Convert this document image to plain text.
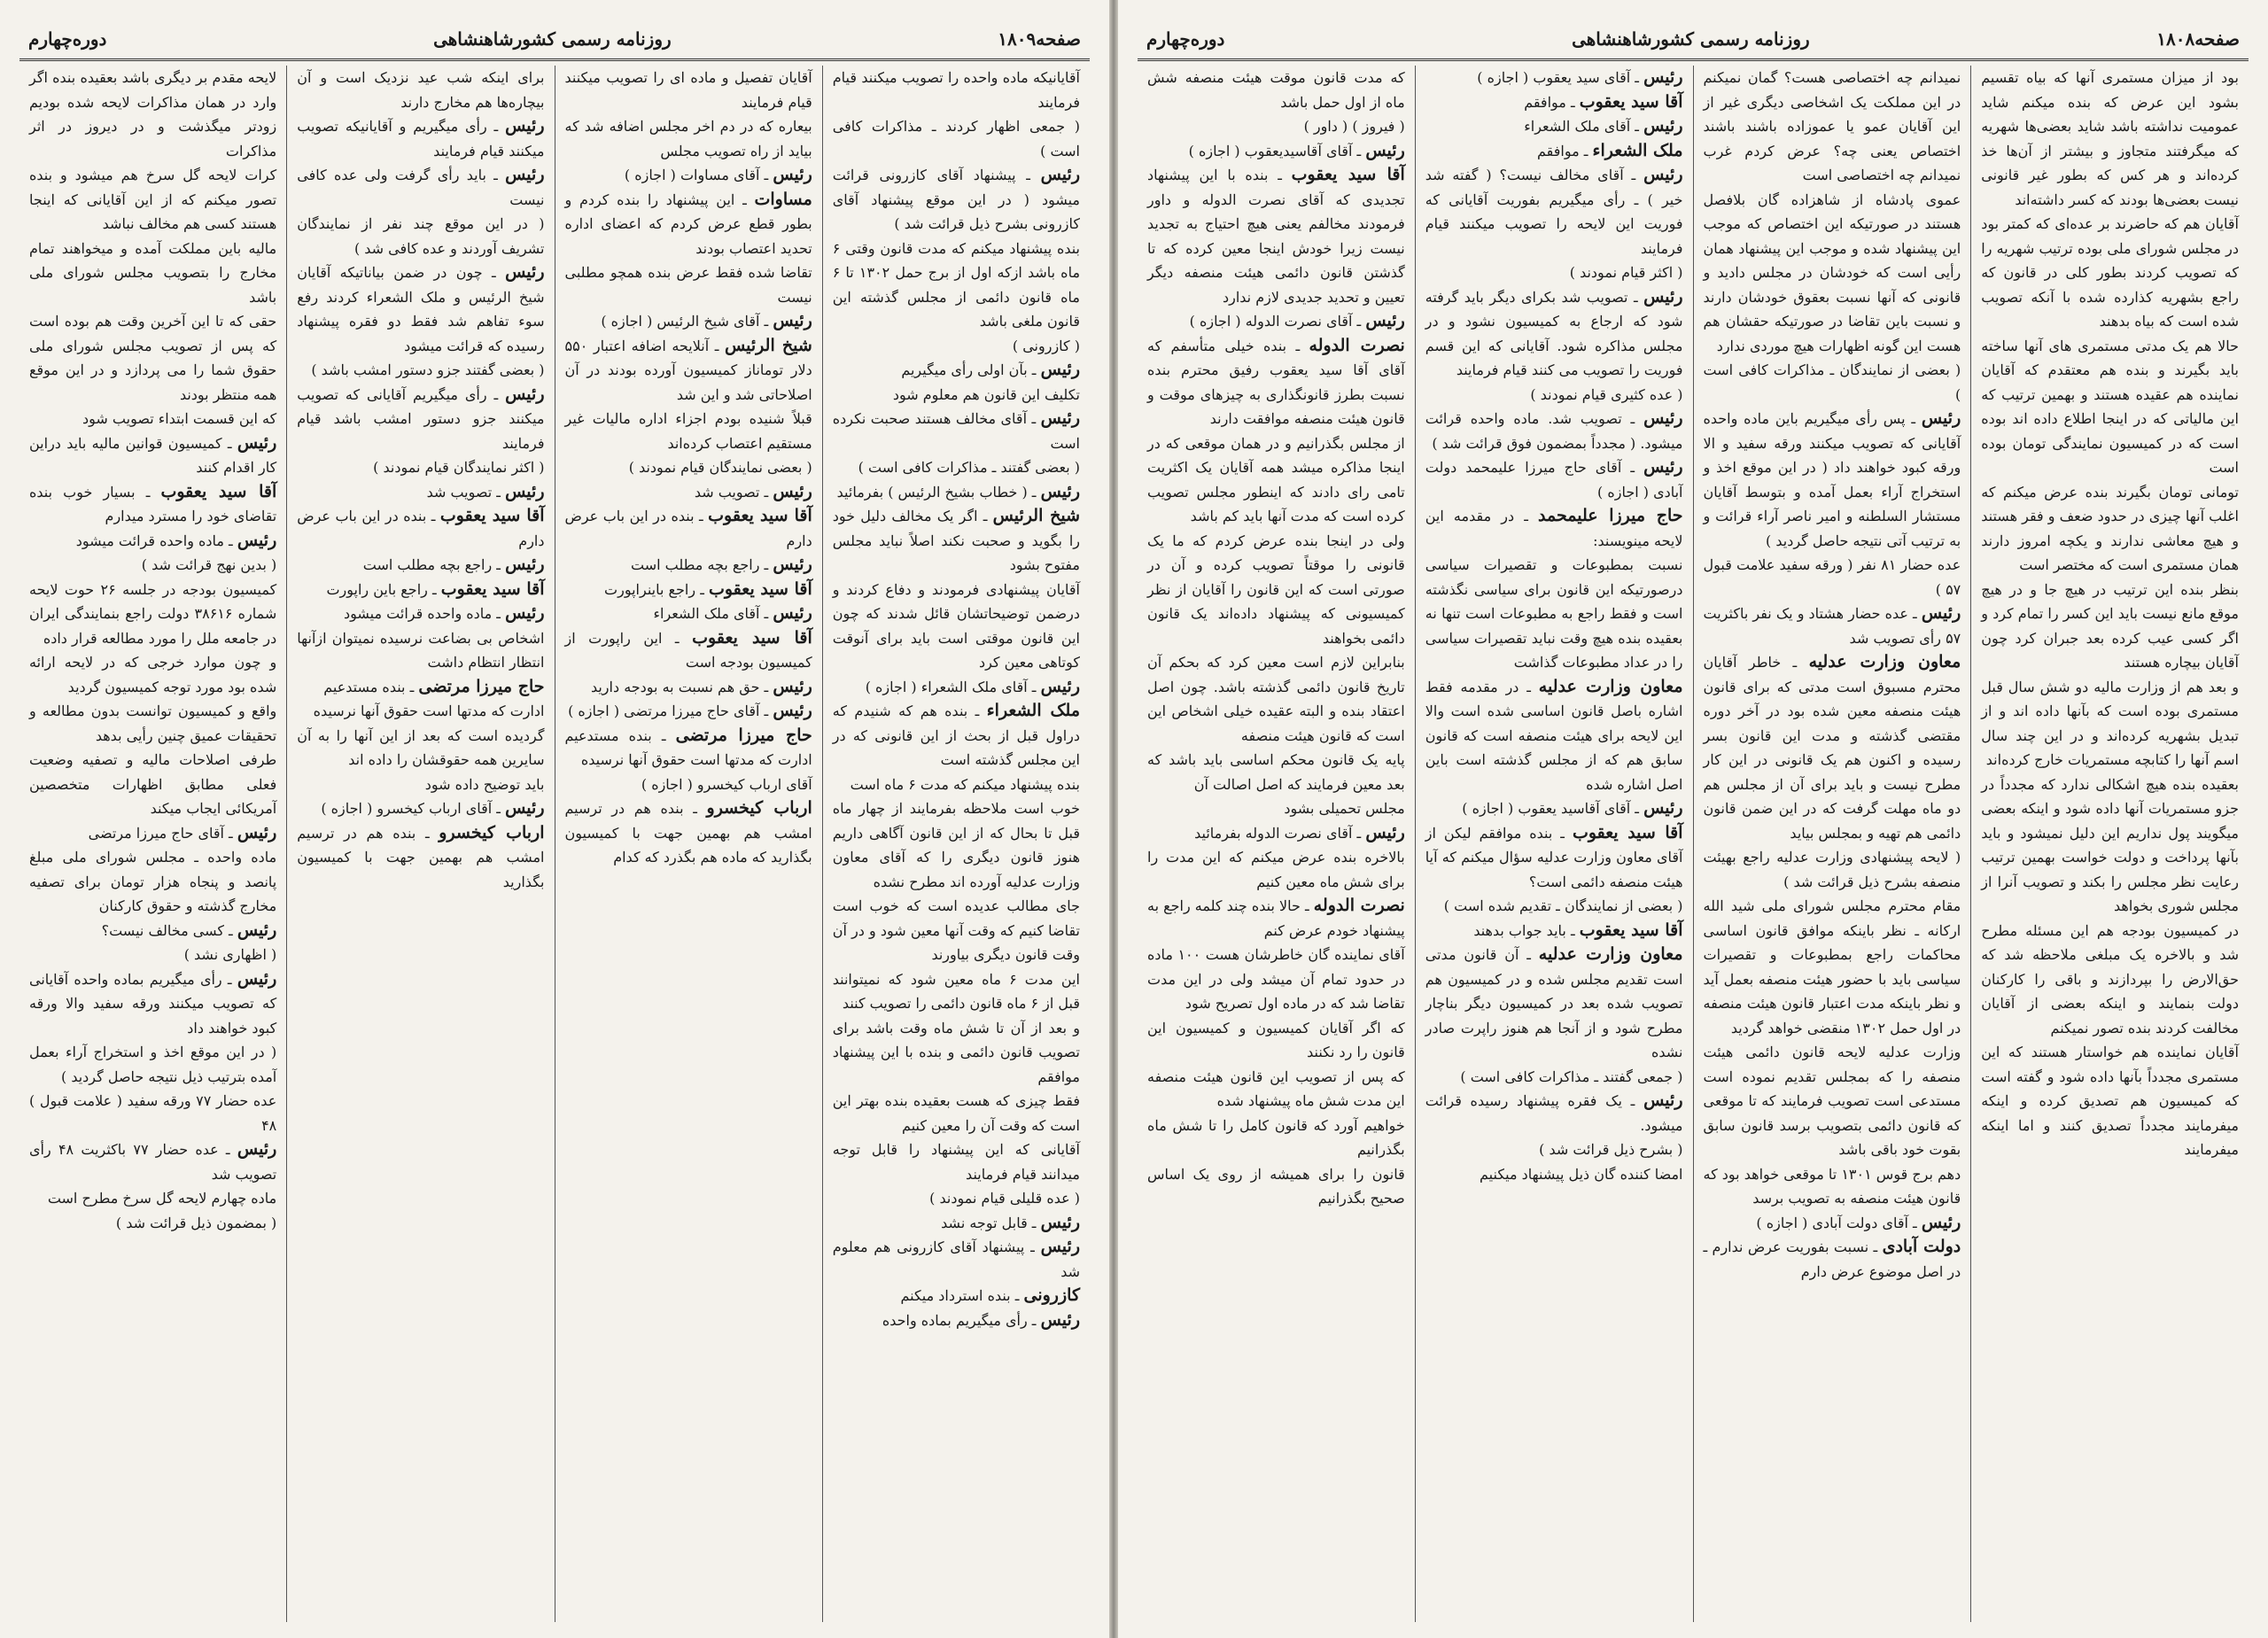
صفحه۱۸۰۹
روزنامه رسمی کشورشاهنشاهی
دوره‌چهارم

آقایانیکه ماده واحده را تصویب میکنند قیام فرمایند

( جمعی اظهار کردند ـ مذاکرات کافی است )

رئیس ـ پیشنهاد آقای کازرونی قرائت میشود ( در این موقع پیشنهاد آقای کازرونی بشرح ذیل قرائت شد )

بنده پیشنهاد میکنم که مدت قانون وقتی ۶ ماه باشد ازکه اول از برج حمل ۱۳۰۲ تا ۶ ماه قانون دائمی از مجلس گذشته این قانون ملغی باشد

( کازرونی )

رئیس ـ بآن اولی رأی میگیریم

تکلیف این قانون هم معلوم شود

رئیس ـ آقای مخالف هستند صحبت نکرده است

( بعضی گفتند ـ مذاکرات کافی است )

رئیس ـ ( خطاب بشیخ الرئیس ) بفرمائید

شیخ الرئیس ـ اگر یک مخالف دلیل خود را بگوید و صحبت نکند اصلاً نباید مجلس مفتوح بشود

آقایان پیشنهادی فرمودند و دفاع کردند و درضمن توضیحاتشان قائل شدند که چون این قانون موقتی است باید برای آنوقت کوتاهی معین کرد

رئیس ـ آقای ملک الشعراء ( اجازه )

ملک الشعراء ـ بنده هم که شنیدم که دراول قبل از بحث از این قانونی که در این مجلس گذشته است

بنده پیشنهاد میکنم که مدت ۶ ماه است

خوب است ملاحظه بفرمایند از چهار ماه قبل تا بحال که از این قانون آگاهی داریم هنوز قانون دیگری را که آقای معاون وزارت عدلیه آورده اند مطرح نشده

جای مطالب عدیده است که خوب است تقاضا کنیم که وقت آنها معین شود و در آن وقت قانون دیگری بیاورند

این مدت ۶ ماه معین شود که نمیتوانند قبل از ۶ ماه قانون دائمی را تصویب کنند

و بعد از آن تا شش ماه وقت باشد برای تصویب قانون دائمی و بنده با این پیشنهاد موافقم

فقط چیزی که هست بعقیده بنده بهتر این است که وقت آن را معین کنیم

آقایانی که این پیشنهاد را قابل توجه میدانند قیام فرمایند

( عده قلیلی قیام نمودند )

رئیس ـ قابل توجه نشد

رئیس ـ پیشنهاد آقای کازرونی هم معلوم شد

کازرونی ـ بنده استرداد میکنم

رئیس ـ رأی میگیریم بماده واحده

آقایان تفصیل و ماده ای را تصویب میکنند قیام فرمایند

بیعاره که در دم اخر مجلس اضافه شد که بیاید از راه تصویب مجلس

رئیس ـ آقای مساوات ( اجازه )

مساوات ـ این پیشنهاد را بنده کردم و بطور قطع عرض کردم که اعضای اداره تحدید اعتصاب بودند

تقاضا شده فقط عرض بنده همچو مطلبی نیست

رئیس ـ آقای شیخ الرئیس ( اجازه )

شیخ الرئیس ـ آنلایحه اضافه اعتبار ۵۵۰ دلار توماناز کمیسیون آورده بودند در آن اصلاحاتی شد و این شد

قبلاً شنیده بودم اجزاء اداره مالیات غیر مستقیم اعتصاب کرده‌اند

( بعضی نمایندگان قیام نمودند )

رئیس ـ تصویب شد

آقا سید یعقوب ـ بنده در این باب عرض دارم

رئیس ـ راجع بچه مطلب است

آقا سید یعقوب ـ راجع باینراپورت

رئیس ـ آقای ملک الشعراء

آقا سید یعقوب ـ این راپورت از کمیسیون بودجه است

رئیس ـ حق هم نسبت به بودجه دارید

رئیس ـ آقای حاج میرزا مرتضی ( اجازه )

حاج میرزا مرتضی ـ بنده مستدعیم ادارت که مدتها است حقوق آنها نرسیده

آقای ارباب کیخسرو ( اجازه )

ارباب کیخسرو ـ بنده هم در ترسیم امشب هم بهمین جهت با کمیسیون بگذارید که ماده هم بگذرد که کدام

برای اینکه شب عید نزدیک است و آن بیچاره‌ها هم مخارج دارند

رئیس ـ رأی میگیریم و آقایانیکه تصویب میکنند قیام فرمایند

رئیس ـ باید رأی گرفت ولی عده کافی نیست

( در این موقع چند نفر از نمایندگان تشریف آوردند و عده کافی شد )

رئیس ـ چون در ضمن بیاناتیکه آقایان شیخ الرئیس و ملک الشعراء کردند رفع سوء تفاهم شد فقط دو فقره پیشنهاد رسیده که قرائت میشود

( بعضی گفتند جزو دستور امشب باشد )

رئیس ـ رأی میگیریم آقایانی که تصویب میکنند جزو دستور امشب باشد قیام فرمایند

( اکثر نمایندگان قیام نمودند )

رئیس ـ تصویب شد

آقا سید یعقوب ـ بنده در این باب عرض دارم

رئیس ـ راجع بچه مطلب است

آقا سید یعقوب ـ راجع باین راپورت

رئیس ـ ماده واحده قرائت میشود

اشخاص بی بضاعت نرسیده نمیتوان ازآنها انتظار انتظام داشت

حاج میرزا مرتضی ـ بنده مستدعیم

ادارت که مدتها است حقوق آنها نرسیده

گردیده است که بعد از این آنها را به آن سایرین همه حقوقشان را داده اند

باید توضیح داده شود

رئیس ـ آقای ارباب کیخسرو ( اجازه )

ارباب کیخسرو ـ بنده هم در ترسیم امشب هم بهمین جهت با کمیسیون بگذارید

لایحه مقدم بر دیگری باشد بعقیده بنده اگر وارد در همان مذاکرات لایحه شده بودیم زودتر میگذشت و در دیروز در اثر مذاکرات

کرات لایحه گل سرخ هم میشود و بنده تصور میکنم که از این آقایانی که اینجا هستند کسی هم مخالف نباشد

مالیه باین مملکت آمده و میخواهند تمام مخارج را بتصویب مجلس شورای ملی باشد

حقی که تا این آخرین وقت هم بوده‌ است که پس از تصویب مجلس شورای ملی حقوق شما را می پردازد و در این موقع همه منتظر بودند

که این قسمت ابتداء تصویب شود

رئیس ـ کمیسیون قوانین مالیه باید دراین کار اقدام کنند

آقا سید یعقوب ـ بسیار خوب بنده تقاضای خود را مسترد میدارم

رئیس ـ ماده واحده قرائت میشود

( بدین نهج قرائت شد )

کمیسیون بودجه در جلسه ۲۶ حوت لایحه شماره ۳۸۶۱۶ دولت راجع بنمایندگی ایران در جامعه ملل را مورد مطالعه قرار داده

و چون موارد خرجی که در لایحه ارائه شده بود مورد توجه کمیسیون گردید

واقع و کمیسیون توانست بدون مطالعه و تحقیقات عمیق چنین رأیی بدهد

طرفی اصلاحات مالیه و تصفیه وضعیت فعلی مطابق اظهارات متخصصین آمریکائی ایجاب میکند

رئیس ـ آقای حاج میرزا مرتضی

ماده واحده ـ مجلس شورای ملی مبلغ پانصد و پنجاه هزار تومان برای تصفیه مخارج گذشته و حقوق کارکنان

رئیس ـ کسی مخالف نیست؟

( اظهاری نشد )

رئیس ـ رأی میگیریم بماده واحده آقایانی که تصویب میکنند ورقه سفید والا ورقه کبود خواهند داد

( در این موقع اخذ و استخراج آراء بعمل آمده بترتیب ذیل نتیجه حاصل گردید )

عده حضار ۷۷ ورقه سفید ( علامت قبول ) ۴۸

رئیس ـ عده حضار ۷۷ باکثریت ۴۸ رأی تصویب شد

ماده چهارم لایحه گل سرخ مطرح است

( بمضمون ذیل قرائت شد )

صفحه۱۸۰۸
روزنامه رسمی کشورشاهنشاهی
دوره‌چهارم

بود از میزان مستمری آنها که بیاه تقسیم بشود این عرض که بنده میکنم شاید عمومیت نداشته باشد شاید بعضی‌ها شهریه که میگرفتند متجاوز و بیشتر از آن‌ها خذ کرده‌اند و هر کس که بطور غیر قانونی نیست بعضی‌ها بودند که کسر داشته‌اند

آقایان هم که حاضرند بر عده‌ای که کمتر بود در مجلس شورای ملی بوده ترتیب شهریه را که تصویب کردند بطور کلی در قانون که راجع بشهریه کذارده شده با آنکه تصویب شده است که بیاه بدهند

حالا هم یک مدتی مستمری های آنها ساخته باید بگیرند و بنده هم معتقدم که آقایان نماینده هم عقیده هستند و بهمین ترتیب که این مالیاتی که در اینجا اطلاع داده اند بوده است که در کمیسیون نمایندگی تومان بوده است

تومانی تومان بگیرند بنده عرض میکنم که اغلب آنها چیزی در حدود ضعف و فقر هستند و هیچ معاشی ندارند و یکچه امروز دارند همان مستمری است که مختصر است

بنظر بنده این ترتیب در هیچ جا و در هیچ موقع مانع نیست باید این کسر را تمام کرد و اگر کسی عیب کرده بعد جبران کرد چون آقایان بیچاره هستند

و بعد هم از وزارت مالیه دو شش سال قبل مستمری بوده است که بآنها داده اند و از تبدیل بشهریه کرده‌اند و در این چند سال اسم آنها را کتابچه مستمریات خارج کرده‌اند

بعقیده بنده هیچ اشکالی ندارد که مجدداً در جزو مستمریات آنها داده شود و اینکه بعضی میگویند پول نداریم این دلیل نمیشود و باید بآنها پرداخت و دولت خواست بهمین ترتیب رعایت نظر مجلس را بکند و تصویب آنرا از مجلس شوری بخواهد

در کمیسیون بودجه هم این مسئله مطرح شد و بالاخره یک مبلغی ملاحظه شد که حق‌الارض را بپردازند و باقی را کارکنان دولت بنمایند و اینکه بعضی از آقایان مخالفت کردند بنده تصور نمیکنم

آقایان نماینده هم خواستار هستند که این مستمری مجدداً بآنها داده شود و گفته است که کمیسیون هم تصدیق کرده و اینکه میفرمایند مجدداً تصدیق کنند و اما اینکه میفرمایند

نمیدانم چه اختصاصی هست؟ گمان نمیکنم در این مملکت یک اشخاصی دیگری غیر از این آقایان عمو یا عموزاده باشند باشند اختصاص یعنی چه؟ عرض کردم غرب نمیدانم چه اختصاصی است

عموی پادشاه از شاهزاده گان بلافصل هستند در صورتیکه این اختصاص که موجب این پیشنهاد شده و موجب این پیشنهاد همان رأیی است که خودشان در مجلس دادید و قانونی که آنها نسبت بعقوق خودشان دارند و نسبت باین تقاضا در صورتیکه حقشان هم هست این گونه اظهارات هیچ موردی ندارد

( بعضی از نمایندگان ـ مذاکرات کافی است )

رئیس ـ پس رأی میگیریم باین ماده واحده آقایانی که تصویب میکنند ورقه سفید و الا ورقه کبود خواهند داد ( در این موقع اخذ و استخراج آراء بعمل آمده و بتوسط آقایان مستشار السلطنه و امیر ناصر آراء قرائت و به ترتیب آتی نتیجه حاصل گردید )

عده حضار ۸۱ نفر ( ورقه سفید علامت قبول ۵۷ )

رئیس ـ عده حضار هشتاد و یک نفر باکثریت ۵۷ رأی تصویب شد

معاون وزارت عدلیه ـ خاطر آقایان محترم مسبوق است مدتی که برای قانون هیئت منصفه معین شده بود در آخر دوره مقتضی گذشته و مدت این قانون بسر رسیده و اکنون هم یک قانونی در این کار مطرح نیست و باید برای آن از مجلس هم دو ماه مهلت گرفت که در این ضمن قانون دائمی هم تهیه و بمجلس بیاید

( لایحه پیشنهادی وزارت عدلیه راجع بهیئت منصفه بشرح ذیل قرائت شد )

مقام محترم مجلس شورای ملی شید الله ارکانه ـ نظر باینکه موافق قانون اساسی محاکمات راجع بمطبوعات و تقصیرات سیاسی باید با حضور هیئت منصفه بعمل آید و نظر باینکه مدت اعتبار قانون هیئت منصفه در اول حمل ۱۳۰۲ منقضی خواهد گردید

وزارت عدلیه لایحه قانون دائمی هیئت منصفه را که بمجلس تقدیم نموده است مستدعی است تصویب فرمایند که تا موقعی که قانون دائمی بتصویب برسد قانون سابق بقوت خود باقی باشد

دهم برج قوس ۱۳۰۱ تا موقعی خواهد بود که قانون هیئت منصفه به تصویب برسد

رئیس ـ آقای دولت آبادی ( اجازه )

دولت آبادی ـ نسبت بفوریت عرض ندارم ـ در اصل موضوع عرض دارم

رئیس ـ آقای سید یعقوب ( اجازه )

آقا سید یعقوب ـ موافقم

رئیس ـ آقای ملک الشعراء

ملک الشعراء ـ موافقم

رئیس ـ آقای مخالف نیست؟ ( گفته شد خیر ) ـ رأی میگیریم بفوریت آقایانی که فوریت این لایحه را تصویب میکنند قیام فرمایند

( اکثر قیام نمودند )

رئیس ـ تصویب شد بکرای دیگر باید گرفته شود که ارجاع به کمیسیون نشود و در مجلس مذاکره شود. آقایانی که این قسم فوریت را تصویب می کنند قیام فرمایند

( عده کثیری قیام نمودند )

رئیس ـ تصویب شد. ماده واحده قرائت میشود. ( مجدداً بمضمون فوق قرائت شد )

رئیس ـ آقای حاج میرزا علیمحمد دولت آبادی ( اجازه )

حاج میرزا علیمحمد ـ در مقدمه این لایحه مینویسند:

نسبت بمطبوعات و تقصیرات سیاسی درصورتیکه این قانون برای سیاسی نگذشته است و فقط راجع به مطبوعات است تنها نه بعقیده بنده هیچ وقت نباید تقصیرات سیاسی را در عداد مطبوعات گذاشت

معاون وزارت عدلیه ـ در مقدمه فقط اشاره باصل قانون اساسی شده است والا این لایحه برای هیئت منصفه است که قانون سابق هم که از مجلس گذشته است باین اصل اشاره شده

رئیس ـ آقای آقاسید یعقوب ( اجازه )

آقا سید یعقوب ـ بنده موافقم لیکن از آقای معاون وزارت عدلیه سؤال میکنم که آیا هیئت منصفه دائمی است؟

( بعضی از نمایندگان ـ تقدیم شده است )

آقا سید یعقوب ـ باید جواب بدهند

معاون وزارت عدلیه ـ آن قانون مدتی است تقدیم مجلس شده و در کمیسیون هم تصویب شده بعد در کمیسیون دیگر بناچار مطرح شود و از آنجا هم هنوز راپرت صادر نشده

( جمعی گفتند ـ مذاکرات کافی است )

رئیس ـ یک فقره پیشنهاد رسیده قرائت میشود.

( بشرح ذیل قرائت شد )

امضا کننده گان ذیل پیشنهاد میکنیم

که مدت قانون موقت هیئت منصفه شش ماه از اول حمل باشد

( فیروز ) ( داور )

رئیس ـ آقای آقاسیدیعقوب ( اجازه )

آقا سید یعقوب ـ بنده با این پیشنهاد تجدیدی که آقای نصرت الدوله و داور فرمودند مخالفم یعنی هیچ احتیاج به تجدید نیست زیرا خودش اینجا معین کرده که تا گذشتن قانون دائمی هیئت منصفه دیگر تعیین و تحدید جدیدی لازم ندارد

رئیس ـ آقای نصرت الدوله ( اجازه )

نصرت الدوله ـ بنده خیلی متأسفم که آقای آقا سید یعقوب رفیق محترم بنده نسبت بطرز قانونگذاری به چیزهای موقت و قانون هیئت منصفه موافقت دارند

از مجلس بگذرانیم و در همان موقعی که در اینجا مذاکره میشد همه آقایان یک اکثریت تامی رای دادند که اینطور مجلس تصویب کرده است که مدت آنها باید کم باشد

ولی در اینجا بنده عرض کردم که ما یک قانونی را موقتاً تصویب کرده و آن در صورتی است که این قانون را آقایان از نظر کمیسیونی که پیشنهاد داده‌اند یک قانون دائمی بخواهند

بنابراین لازم است معین کرد که بحکم آن تاریخ قانون دائمی گذشته باشد. چون اصل اعتقاد بنده و البته عقیده خیلی اشخاص این است که قانون هیئت منصفه

پایه یک قانون محکم اساسی باید باشد که بعد معین فرمایند که اصل اصالت آن

مجلس تحمیلی بشود

رئیس ـ آقای نصرت الدوله بفرمائید

بالاخره بنده عرض میکنم که این مدت را برای شش ماه معین کنیم

نصرت الدوله ـ حالا بنده چند کلمه راجع به پیشنهاد خودم عرض کنم

آقای نماینده گان خاطرشان هست ۱۰۰ ماده در حدود تمام آن میشد ولی در این مدت تقاضا شد که در ماده اول تصریح شود

که اگر آقایان کمیسیون و کمیسیون این قانون را رد نکنند

که پس از تصویب این قانون هیئت منصفه این مدت شش ماه پیشنهاد شده

خواهیم آورد که قانون کامل را تا شش ماه بگذرانیم

قانون را برای همیشه از روی یک اساس صحیح بگذرانیم
